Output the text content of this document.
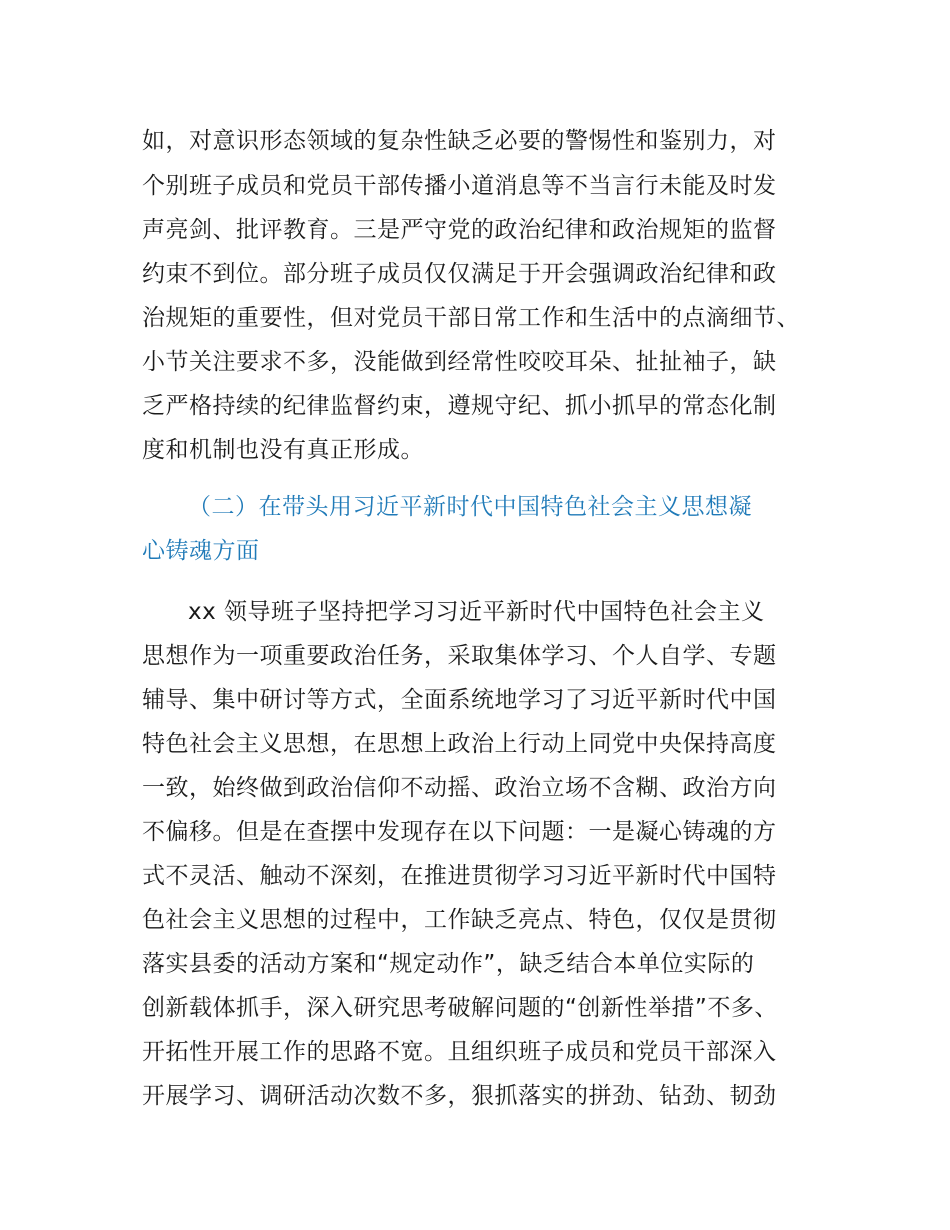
如，对意识形态领域的复杂性缺乏必要的警惕性和鉴别力，对
个别班子成员和党员干部传播小道消息等不当言行未能及时发
声亮剑、批评教育。三是严守党的政治纪律和政治规矩的监督
约束不到位。部分班子成员仅仅满足于开会强调政治纪律和政
治规矩的重要性，但对党员干部日常工作和生活中的点滴细节、
小节关注要求不多，没能做到经常性咬咬耳朵、扯扯袖子，缺
乏严格持续的纪律监督约束，遵规守纪、抓小抓早的常态化制
度和机制也没有真正形成。
（二）在带头用习近平新时代中国特色社会主义思想凝
心铸魂方面
xx 领导班子坚持把学习习近平新时代中国特色社会主义
思想作为一项重要政治任务，采取集体学习、个人自学、专题
辅导、集中研讨等方式，全面系统地学习了习近平新时代中国
特色社会主义思想，在思想上政治上行动上同党中央保持高度
一致，始终做到政治信仰不动摇、政治立场不含糊、政治方向
不偏移。但是在查摆中发现存在以下问题：一是凝心铸魂的方
式不灵活、触动不深刻，在推进贯彻学习习近平新时代中国特
色社会主义思想的过程中，工作缺乏亮点、特色，仅仅是贯彻
落实县委的活动方案和“规定动作”，缺乏结合本单位实际的
创新载体抓手，深入研究思考破解问题的“创新性举措”不多、
开拓性开展工作的思路不宽。且组织班子成员和党员干部深入
开展学习、调研活动次数不多，狠抓落实的拼劲、钻劲、韧劲
